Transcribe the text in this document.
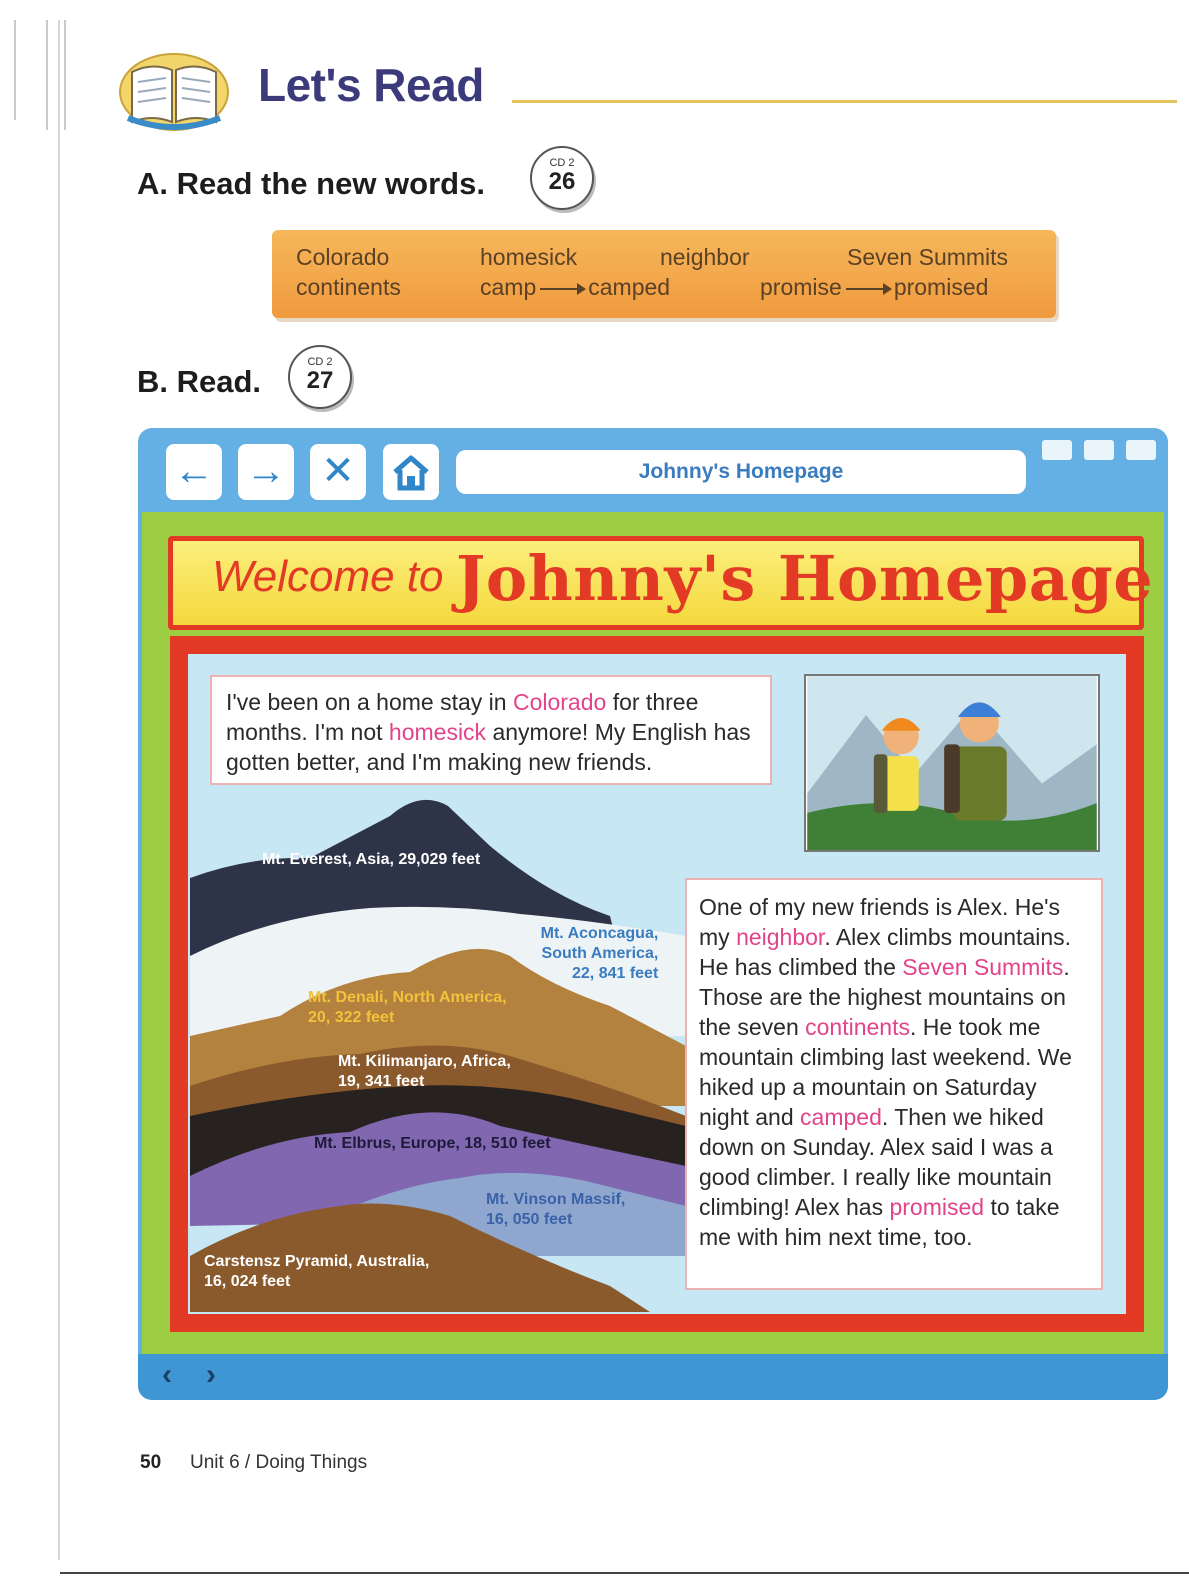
Let's Read
A. Read the new words.
CD 2
26
Colorado	homesick	neighbor	Seven Summits
continents	camp camped	promise promised
B. Read.
CD 2
27
‹ ›
← → ✕	Johnny's Homepage
Welcome to Johnny's Homepage
Mt. Everest, Asia, 29,029 feet
Mt. Aconcagua,
South America,
22, 841 feet
Mt. Denali, North America,
20, 322 feet
Mt. Kilimanjaro, Africa,
19, 341 feet
Mt. Elbrus, Europe, 18, 510 feet
Mt. Vinson Massif,
16, 050 feet
Carstensz Pyramid, Australia,
16, 024 feet
I've been on a home stay in Colorado for three months. I'm not homesick anymore! My English has gotten better, and I'm making new friends.
One of my new friends is Alex. He's my neighbor. Alex climbs mountains. He has climbed the Seven Summits. Those are the highest mountains on the seven continents. He took me mountain climbing last weekend. We hiked up a mountain on Saturday night and camped. Then we hiked down on Sunday. Alex said I was a good climber. I really like mountain climbing! Alex has promised to take me with him next time, too.
50 Unit 6 / Doing Things
